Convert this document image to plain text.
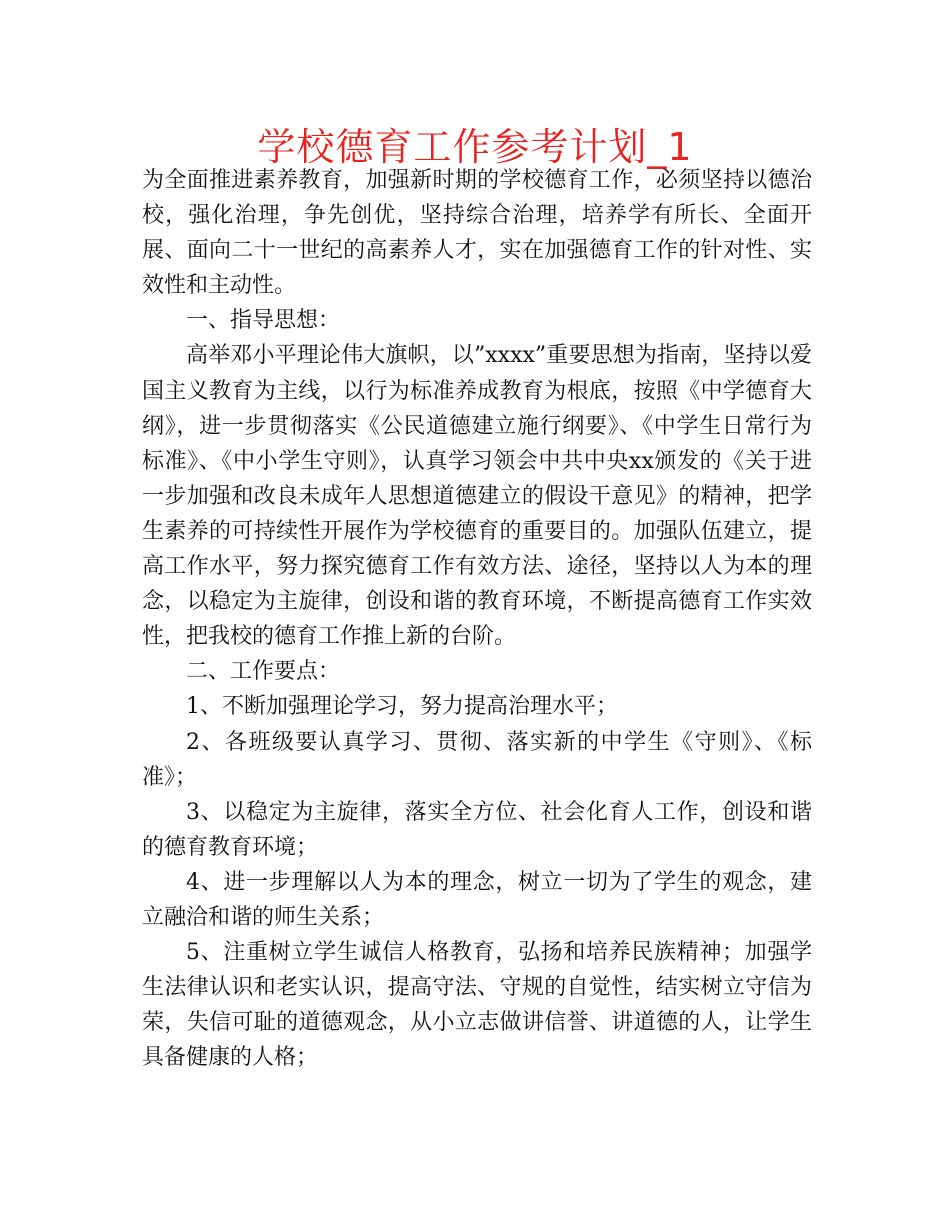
学校德育工作参考计划_1

为全面推进素养教育，加强新时期的学校德育工作，必须坚持以德治校，强化治理，争先创优，坚持综合治理，培养学有所长、全面开展、面向二十一世纪的高素养人才，实在加强德育工作的针对性、实效性和主动性。

一、指导思想：

高举邓小平理论伟大旗帜，以”xxxx”重要思想为指南，坚持以爱国主义教育为主线，以行为标准养成教育为根底，按照《中学德育大纲》，进一步贯彻落实《公民道德建立施行纲要》、《中学生日常行为标准》、《中小学生守则》，认真学习领会中共中央xx颁发的《关于进一步加强和改良未成年人思想道德建立的假设干意见》的精神，把学生素养的可持续性开展作为学校德育的重要目的。加强队伍建立，提高工作水平，努力探究德育工作有效方法、途径，坚持以人为本的理念，以稳定为主旋律，创设和谐的教育环境，不断提高德育工作实效性，把我校的德育工作推上新的台阶。

二、工作要点：

1、不断加强理论学习，努力提高治理水平；

2、各班级要认真学习、贯彻、落实新的中学生《守则》、《标准》；

3、以稳定为主旋律，落实全方位、社会化育人工作，创设和谐的德育教育环境；

4、进一步理解以人为本的理念，树立一切为了学生的观念，建立融洽和谐的师生关系；

5、注重树立学生诚信人格教育，弘扬和培养民族精神；加强学生法律认识和老实认识，提高守法、守规的自觉性，结实树立守信为荣，失信可耻的道德观念，从小立志做讲信誉、讲道德的人，让学生具备健康的人格；
